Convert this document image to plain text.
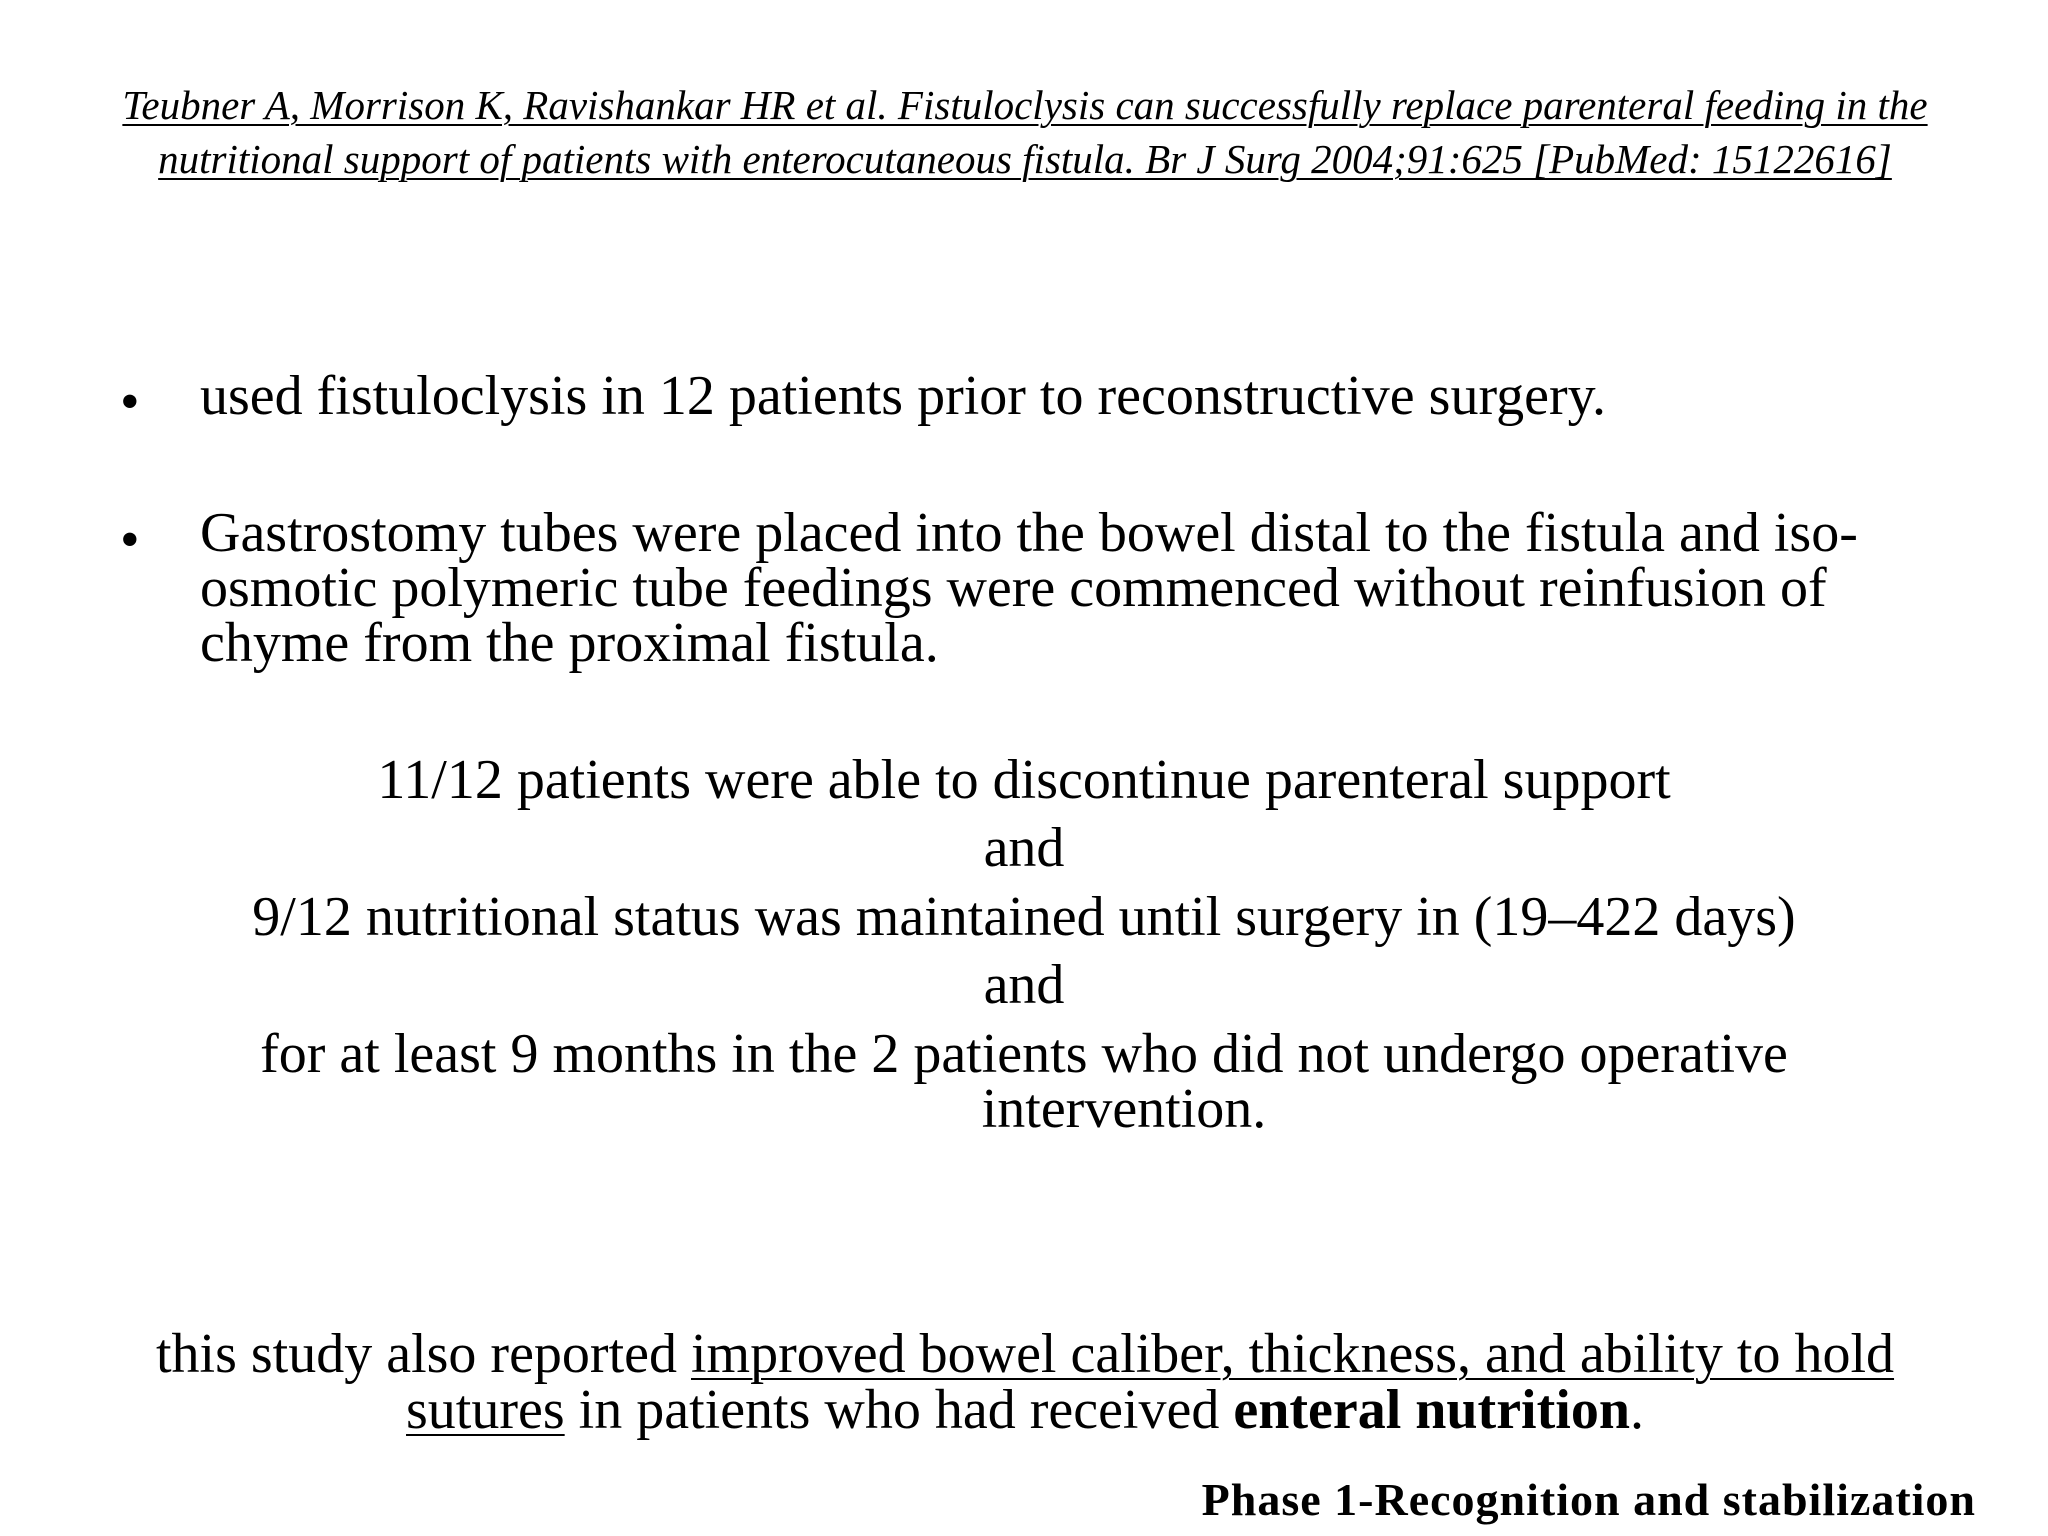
Teubner A, Morrison K, Ravishankar HR et al. Fistuloclysis can successfully replace parenteral feeding in the nutritional support of patients with enterocutaneous fistula. Br J Surg 2004;91:625 [PubMed: 15122616]
• used fistuloclysis in 12 patients prior to reconstructive surgery.
• Gastrostomy tubes were placed into the bowel distal to the fistula and iso-
osmotic polymeric tube feedings were commenced without reinfusion of
chyme from the proximal fistula.
11/12 patients were able to discontinue parenteral support
and
9/12 nutritional status was maintained until surgery in (19–422 days)
and
for at least 9 months in the 2 patients who did not undergo operative
intervention.
this study also reported improved bowel caliber, thickness, and ability to hold
sutures in patients who had received enteral nutrition.
Phase 1-Recognition and stabilization
